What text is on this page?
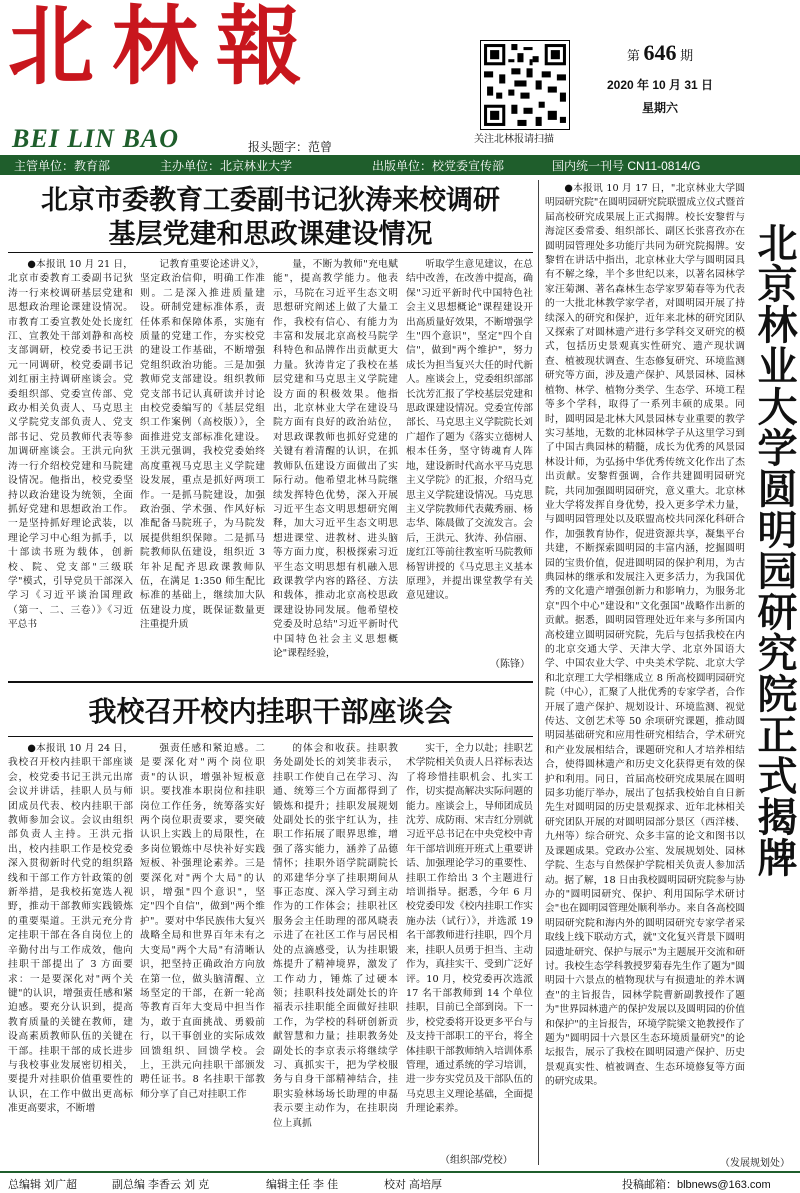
北林報
BEI LIN BAO	报头题字：范曾
关注北林报请扫描
第 646 期
2020 年 10 月 31 日
星期六
主管单位：教育部	主办单位：北京林业大学	出版单位：校党委宣传部	国内统一刊号 CN11-0814/G
北京市委教育工委副书记狄涛来校调研
基层党建和思政课建设情况

●本报讯 10 月 21 日，北京市委教育工委副书记狄涛一行来校调研基层党建和思想政治理论课建设情况。市教育工委宣教处处长庞红江、宣教处干部刘静和高校支部调研，校党委书记王洪元一同调研，校党委副书记刘红丽主持调研座谈会。党委组织部、党委宣传部、党政办相关负责人、马克思主义学院党支部负责人、党支部书记、党员教师代表等参加调研座谈会。王洪元向狄涛一行介绍校党建和马院建设情况。他指出，校党委坚持以政治建设为统领，全面抓好党建和思想政治工作。一是坚持抓好理论武装，以理论学习中心组为抓手，以十部读书班为载体，创新校、院、党支部"三级联学"模式，引导党员干部深入学习《习近平谈治国理政（第一、二、三卷）》《习近平总书

记教育重要论述讲义》，坚定政治信仰，明确工作准则。二是深入推进质量建设。研制党建标准体系，责任体系和保障体系，实施有质量的党建工作，夯实校党的建设工作基础，不断增强党组织政治功能。三是加强教师党支部建设。组织教师党支部书记认真研读并讨论由校党委编写的《基层党组织工作案例（高校版）》，全面推进党支部标准化建设。王洪元强调，我校党委始终高度重视马克思主义学院建设发展，重点是抓好两项工作。一是抓马院建设，加强政治强、学术强、作风好标准配备马院班子，为马院发展提供组织保障。二是抓马院教师队伍建设，组织近 3 年补足配齐思政课教师队伍，在满足 1:350 师生配比标准的基础上，继续加大队伍建设力度，既保证数量更注重提升质

量，不断为教师"充电赋能"，提高教学能力。他表示，马院在习近平生态文明思想研究阐述上做了大量工作，我校有信心、有能力为丰富和发展北京高校马院学科特色和品牌作出贡献更大力量。狄涛肯定了我校在基层党建和马克思主义学院建设方面的积极效果。他指出，北京林业大学在建设马院方面有良好的政治站位，对思政课教师也抓好党建的关键有着清醒的认识，在抓教师队伍建设方面做出了实际行动。他希望北林马院继续发挥特色优势，深入开展习近平生态文明思想研究阐释，加大习近平生态文明思想进课堂、进教材、进头脑等方面力度，积极探索习近平生态文明思想有机融入思政课教学内容的路径、方法和载体，推动北京高校思政课建设协同发展。他希望校党委及时总结"习近平新时代中国特色社会主义思想概论"课程经验，

听取学生意见建议，在总结中改善，在改善中提高，确保"习近平新时代中国特色社会主义思想概论"课程建设开出高质量好效果，不断增强学生"四个意识"，坚定"四个自信"，做到"两个维护"，努力成长为担当复兴大任的时代新人。座谈会上，党委组织部部长沈芳汇报了学校基层党建和思政课建设情况。党委宣传部部长、马克思主义学院院长刘广超作了题为《落实立德树人根本任务，坚守铸魂育人阵地，建设新时代高水平马克思主义学院》的汇报，介绍马克思主义学院建设情况。马克思主义学院教师代表戴秀丽、杨志华、陈晨做了交流发言。会后，王洪元、狄涛、孙信丽、庞红江等前往教室听马院教师杨智讲授的《马克思主义基本原理》，并提出课堂教学有关意见建议。

（陈锋）
我校召开校内挂职干部座谈会

●本报讯 10 月 24 日，我校召开校内挂职干部座谈会，校党委书记王洪元出席会议并讲话，挂职人员与师团成员代表、校内挂职干部教师参加会议。会议由组织部负责人主持。王洪元指出，校内挂职工作是校党委深入贯彻新时代党的组织路线和干部工作方针政策的创新举措，是我校拓宽选人视野，推动干部教师实践锻炼的重要渠道。王洪元充分肯定挂职干部在各自岗位上的辛勤付出与工作成效，他向挂职干部提出了 3 方面要求：一是要深化对"两个关键"的认识，增强责任感和紧迫感。要充分认识到，提高教育质量的关键在教师，建设高素质教师队伍的关键在干部。挂职干部的成长进步与我校事业发展密切相关，要提升对挂职价值重要性的认识，在工作中做出更高标准更高要求，不断增

强责任感和紧迫感。二是要深化对"两个岗位职责"的认识，增强补短板意识。要找准本职岗位和挂职岗位工作任务，统筹落实好两个岗位职责要求，要突破认识上实践上的局限性，在多岗位锻炼中尽快补好实践短板、补强理论素养。三是要深化对"两个大局"的认识，增强"四个意识"，坚定"四个自信"，做到"两个维护"。要对中华民族伟大复兴战略全局和世界百年未有之大变局"两个大局"有清晰认识，把坚持正确政治方向放在第一位，做头脑清醒、立场坚定的干部，在新一轮高等教育百年大变局中担当作为，敢于直面挑战、勇毅前行，以干事创业的实际成效回馈组织、回馈学校。会上，王洪元向挂职干部颁发聘任证书。8 名挂职干部教师分享了自己对挂职工作

的体会和收获。挂职教务处副处长的刘笑非表示，挂职工作使自己在学习、沟通、统筹三个方面都得到了锻炼和提升；挂职发展规划处副处长的张宇红认为，挂职工作拓展了眼界思维，增强了落实能力，涵养了品德情怀；挂职外语学院副院长的邓建华分享了挂职期间从事正态度、深入学习到主动作为的工作体会；挂职社区服务会主任助理的邵风晓表示进了在社区工作与居民相处的点滴感受，认为挂职锻炼提升了精神境界，激发了工作动力，锤炼了过硬本领；挂职科技处副处长的许福表示挂职能全面做好挂职工作，为学校的科研创新贡献智慧和力量；挂职教务处副处长的李京表示将继续学习、真抓实干，把为学校服务与自身干部精神结合，挂职实验林场场长助理的申磊表示要主动作为，在挂职岗位上真抓

实干，全力以赴；挂职艺术学院相关负责人吕祥标表达了将珍惜挂职机会、扎实工作，切实提高解决实际问题的能力。座谈会上，导师团成员沈芳、成防雨、宋吉红分别就习近平总书记在中央党校中青年干部培训班开班式上重要讲话、加强理论学习的重要性、挂职工作给出 3 个主题进行培训指导。据悉，今年 6 月校党委印发《校内挂职工作实施办法（试行）》，并选派 19 名干部教师进行挂职，四个月来，挂职人员勇于担当、主动作为，真挂实干、受到广泛好评。10 月，校党委再次选派 17 名干部教师到 14 个单位挂职，目前已全部到岗。下一步，校党委将开设更多平台与及支持干部职工的平台，将全体挂职干部教师纳入培训体系管理，通过系统的学习培训，进一步夯实党员及干部队伍的马克思主义理论基础，全面提升理论素养。

（组织部/党校）

●本报讯 10 月 17 日，"北京林业大学圆明园研究院"在圆明园研究院联盟成立仪式暨首届高校研究成果展上正式揭牌。校长安黎哲与海淀区委常委、组织部长、副区长张喜孜亦在圆明园管理处多功能厅共同为研究院揭牌。安黎哲在讲话中指出，北京林业大学与圆明园具有不解之缘，半个多世纪以来，以著名园林学家汪菊渊、著名森林生态学家罗菊春等为代表的一大批北林教学家学者，对圆明园开展了持续深入的研究和保护，近年来北林的研究团队又探索了对圆林遗产进行多学科交叉研究的模式，包括历史景观真实性研究、遗产现状调查、植被现状调查、生态修复研究、环境监测研究等方面，涉及遗产保护、风景园林、园林植物、林学、植物分类学、生态学、环境工程等多个学科，取得了一系列丰硕的成果。同时，圆明园是北林大风景园林专业重要的教学实习基地，无数的北林园林学子从这里学习到了中国古典园林的精髓，成长为优秀的风景园林设计师，为弘扬中华优秀传统文化作出了杰出贡献。安黎哲强调，合作共建圆明园研究院，共同加强圆明园研究，意义重大。北京林业大学将发挥自身优势，投入更多学术力量，与圆明园管理处以及联盟高校共同深化科研合作，加强教育协作，促进资源共享，凝集平台共建，不断探索圆明园的丰富内涵，挖掘圆明园的宝贵价值，促进圆明园的保护利用，为古典园林的继承和发展注入更多活力，为我国优秀的文化遗产增强创新力和影响力，为服务北京"四个中心"建设和"文化强国"战略作出新的贡献。据悉，圆明园管理处近年来与多所国内高校建立圆明园研究院，先后与包括我校在内的北京交通大学、天津大学、北京外国语大学、中国农业大学、中央美术学院、北京大学和北京理工大学相继成立 8 所高校圆明园研究院（中心），汇聚了人批优秀的专家学者，合作开展了遗产保护、规划设计、环境监测、视觉传达、文创艺术等 50 余项研究课题，推动圆明园基础研究和应用性研究相结合，学术研究和产业发展相结合，课题研究和人才培养相结合，使得圆林遗产和历史文化获得更有效的保护和利用。同日，首届高校研究成果展在圆明园多功能厅举办，展出了包括我校始自自日新先生对圆明园的历史景观探求、近年北林相关研究团队开展的对圆明园部分景区（西洋楼、九州等）综合研究、众多丰富的论文和图书以及课题成果。党政办公室、发展规划处、园林学院、生态与自然保护学院相关负责人参加活动。据了解，18 日由我校圆明园研究院参与协办的"圆明园研究、保护、利用国际学术研讨会"也在圆明园管理处顺利举办。来自各高校圆明园研究院和海内外的圆明园研究专家学者采取线上线下联动方式，就"文化复兴背景下圆明园遗址研究、保护与展示"为主题展开交流和研讨。我校生态学科教授罗菊春先生作了题为"圆明园十六景点的植物现状与有损遗址的养木调查"的主旨报告，园林学院曹新副教授作了题为"世界园林遗产的保护发展以及圆明园的价值和保护"的主旨报告，环境学院梁文艳教授作了题为"圆明园十六景区生态环境质量研究"的论坛报告，展示了我校在圆明园遗产保护、历史景观真实性、植被调查、生态环境修复等方面的研究成果。

北京林业大学圆明园研究院正式揭牌
（发展规划处）
总编辑 刘广超	副总编 李香云 刘 克	编辑主任 李 佳	校对 高培厚	投稿邮箱：blbnews@163.com
